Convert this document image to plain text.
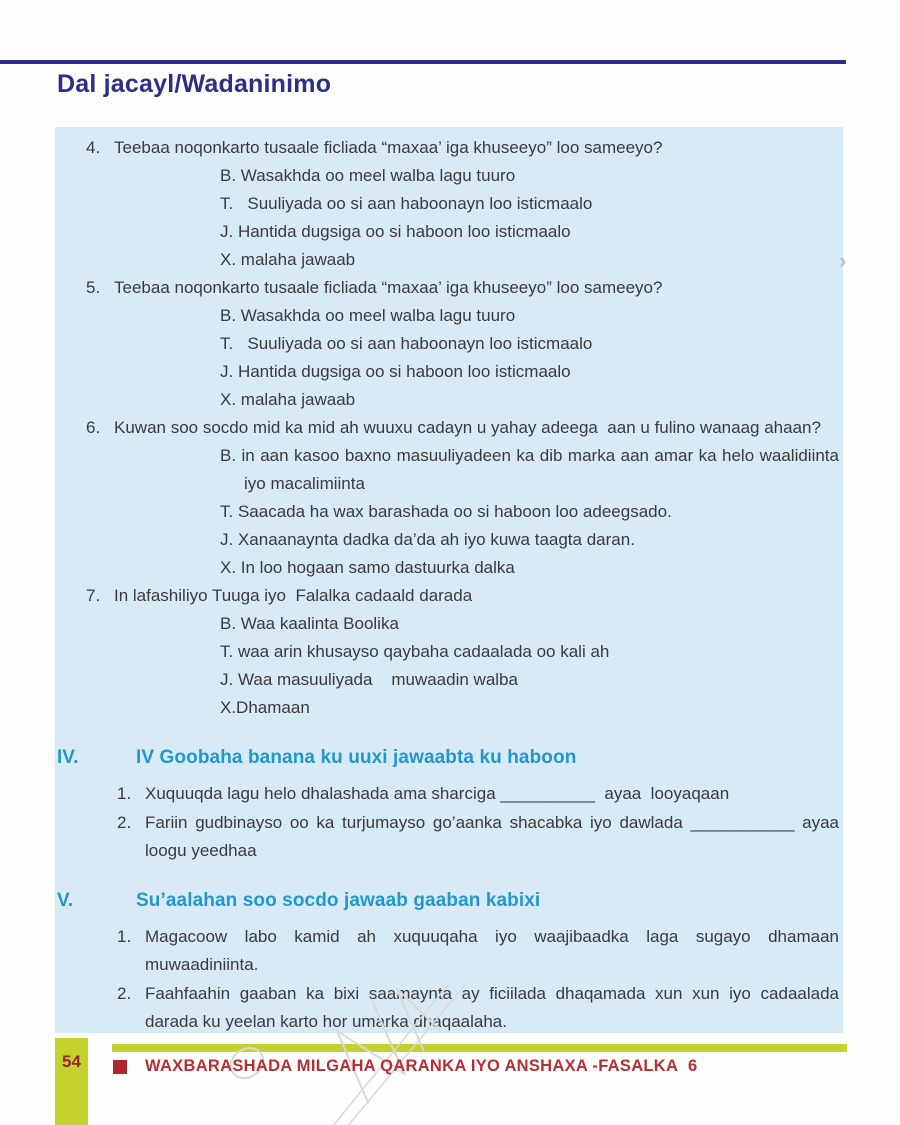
Dal jacayl/Wadaninimo
4. Teebaa noqonkarto tusaale ficliada “maxaa’ iga khuseeyo” loo sameeyo?
B. Wasakhda oo meel walba lagu tuuro
T.   Suuliyada oo si aan haboonayn loo isticmaalo
J. Hantida dugsiga oo si haboon loo isticmaalo
X. malaha jawaab
5. Teebaa noqonkarto tusaale ficliada “maxaa’ iga khuseeyo” loo sameeyo?
B. Wasakhda oo meel walba lagu tuuro
T.   Suuliyada oo si aan haboonayn loo isticmaalo
J. Hantida dugsiga oo si haboon loo isticmaalo
X. malaha jawaab
6. Kuwan soo socdo mid ka mid ah wuuxu cadayn u yahay adeega  aan u fulino wanaag ahaan?
B. in aan kasoo baxno masuuliyadeen ka dib marka aan amar ka helo waalidiinta iyo macalimiinta
T. Saacada ha wax barashada oo si haboon loo adeegsado.
J. Xanaanaynta dadka da’da ah iyo kuwa taagta daran.
X. In loo hogaan samo dastuurka dalka
7. In lafashiliyo Tuuga iyo  Falalka cadaald darada
B. Waa kaalinta Boolika
T. waa arin khusayso qaybaha cadaalada oo kali ah
J. Waa masuuliyada    muwaadin walba
X.Dhamaan
IV.	IV Goobaha banana ku uuxi jawaabta ku haboon
1. Xuquuqda lagu helo dhalashada ama sharciga __________  ayaa  looyaqaan
2. Fariin gudbinayso oo ka turjumayso go’aanka shacabka iyo dawlada ___________ ayaa loogu yeedhaa
V.	Su’aalahan soo socdo jawaab gaaban kabixi
1. Magacoow labo kamid ah xuquuqaha iyo waajibaadka laga sugayo dhamaan muwaadiniinta.
2. Faahfaahin gaaban ka bixi saamaynta ay ficiilada dhaqamada xun xun iyo cadaalada darada ku yeelan karto hor umarka dhaqaalaha.
›
54	WAXBARASHADA MILGAHA QARANKA IYO ANSHAXA -FASALKA  6
